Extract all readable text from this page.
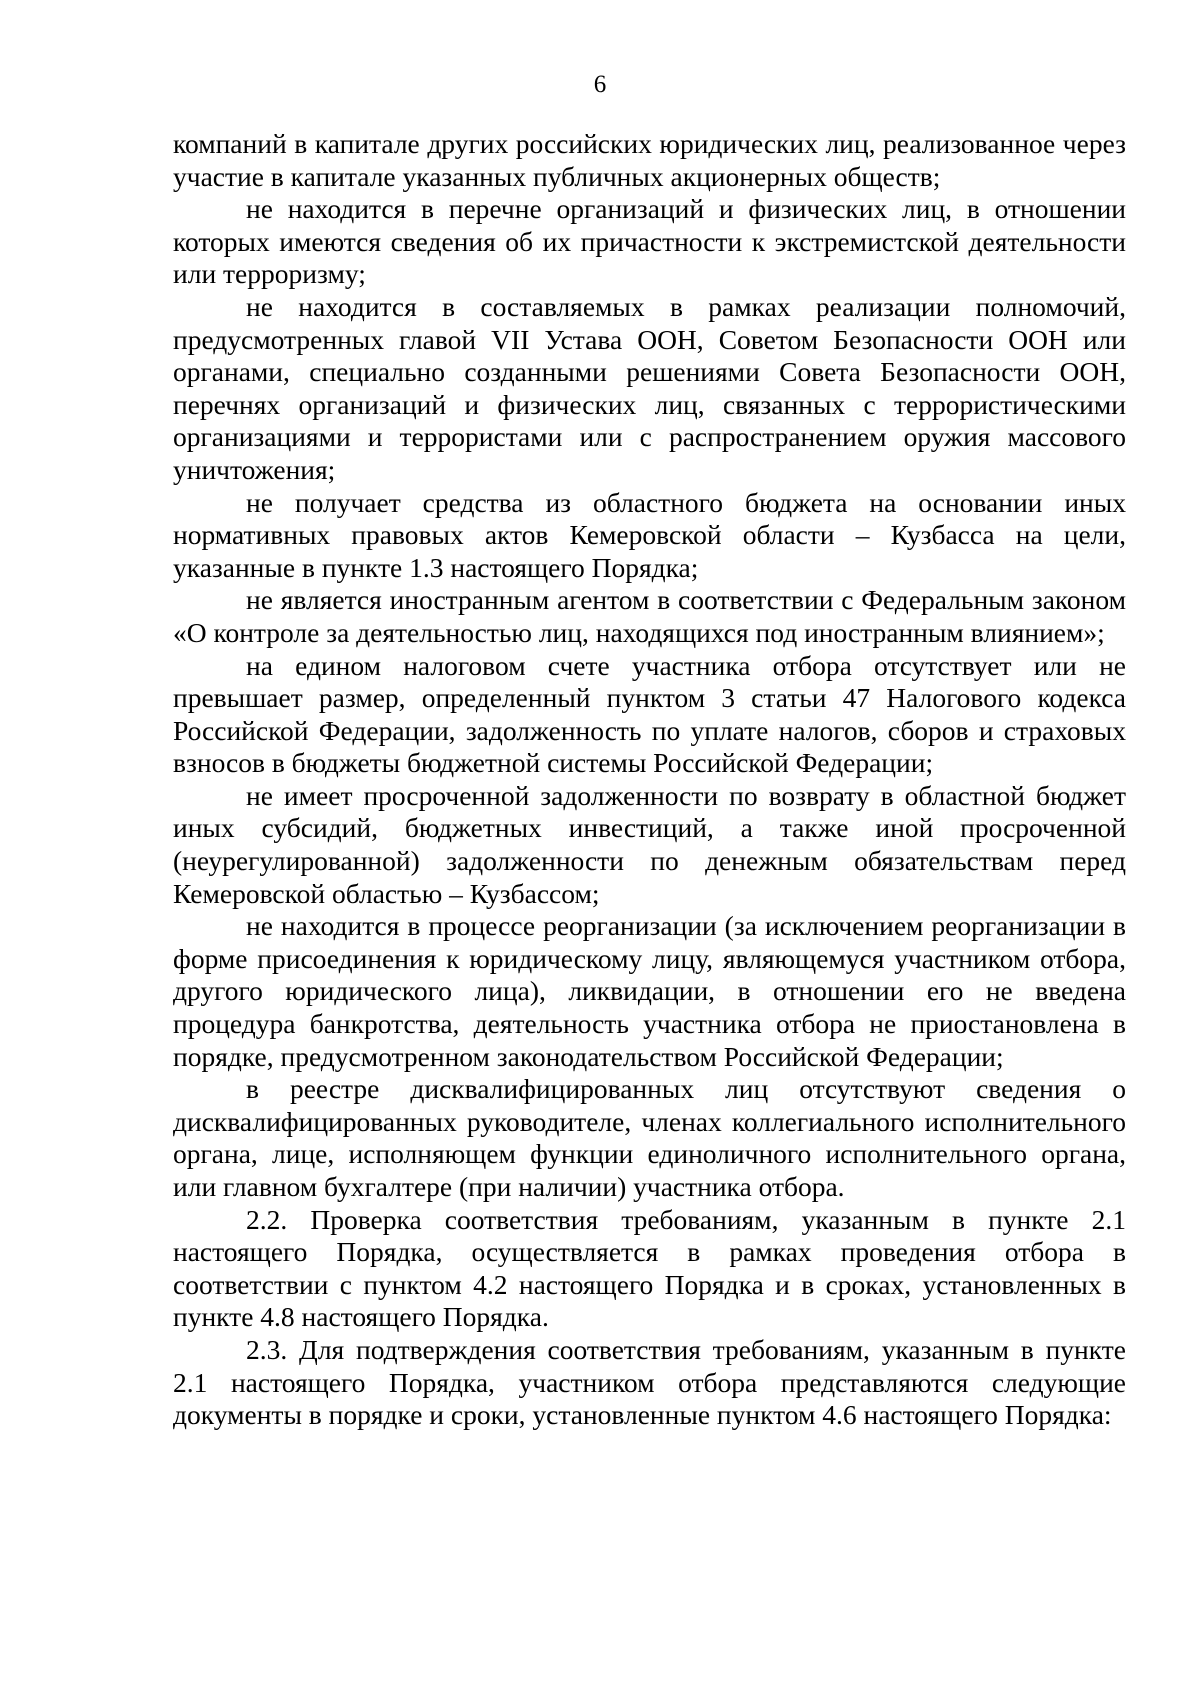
6

компаний в капитале других российских юридических лиц, реализованное через участие в капитале указанных публичных акционерных обществ;

не находится в перечне организаций и физических лиц, в отношении которых имеются сведения об их причастности к экстремистской деятельности или терроризму;

не находится в составляемых в рамках реализации полномочий, предусмотренных главой VII Устава ООН, Советом Безопасности ООН или органами, специально созданными решениями Совета Безопасности ООН, перечнях организаций и физических лиц, связанных с террористическими организациями и террористами или с распространением оружия массового уничтожения;

не получает средства из областного бюджета на основании иных нормативных правовых актов Кемеровской области – Кузбасса на цели, указанные в пункте 1.3 настоящего Порядка;

не является иностранным агентом в соответствии с Федеральным законом «О контроле за деятельностью лиц, находящихся под иностранным влиянием»;

на едином налоговом счете участника отбора отсутствует или не превышает размер, определенный пунктом 3 статьи 47 Налогового кодекса Российской Федерации, задолженность по уплате налогов, сборов и страховых взносов в бюджеты бюджетной системы Российской Федерации;

не имеет просроченной задолженности по возврату в областной бюджет иных субсидий, бюджетных инвестиций, а также иной просроченной (неурегулированной) задолженности по денежным обязательствам перед Кемеровской областью – Кузбассом;

не находится в процессе реорганизации (за исключением реорганизации в форме присоединения к юридическому лицу, являющемуся участником отбора, другого юридического лица), ликвидации, в отношении его не введена процедура банкротства, деятельность участника отбора не приостановлена в порядке, предусмотренном законодательством Российской Федерации;

в реестре дисквалифицированных лиц отсутствуют сведения о дисквалифицированных руководителе, членах коллегиального исполнительного органа, лице, исполняющем функции единоличного исполнительного органа, или главном бухгалтере (при наличии) участника отбора.

2.2. Проверка соответствия требованиям, указанным в пункте 2.1 настоящего Порядка, осуществляется в рамках проведения отбора в соответствии с пунктом 4.2 настоящего Порядка и в сроках, установленных в пункте 4.8 настоящего Порядка.

2.3. Для подтверждения соответствия требованиям, указанным в пункте 2.1 настоящего Порядка, участником отбора представляются следующие документы в порядке и сроки, установленные пунктом 4.6 настоящего Порядка:
